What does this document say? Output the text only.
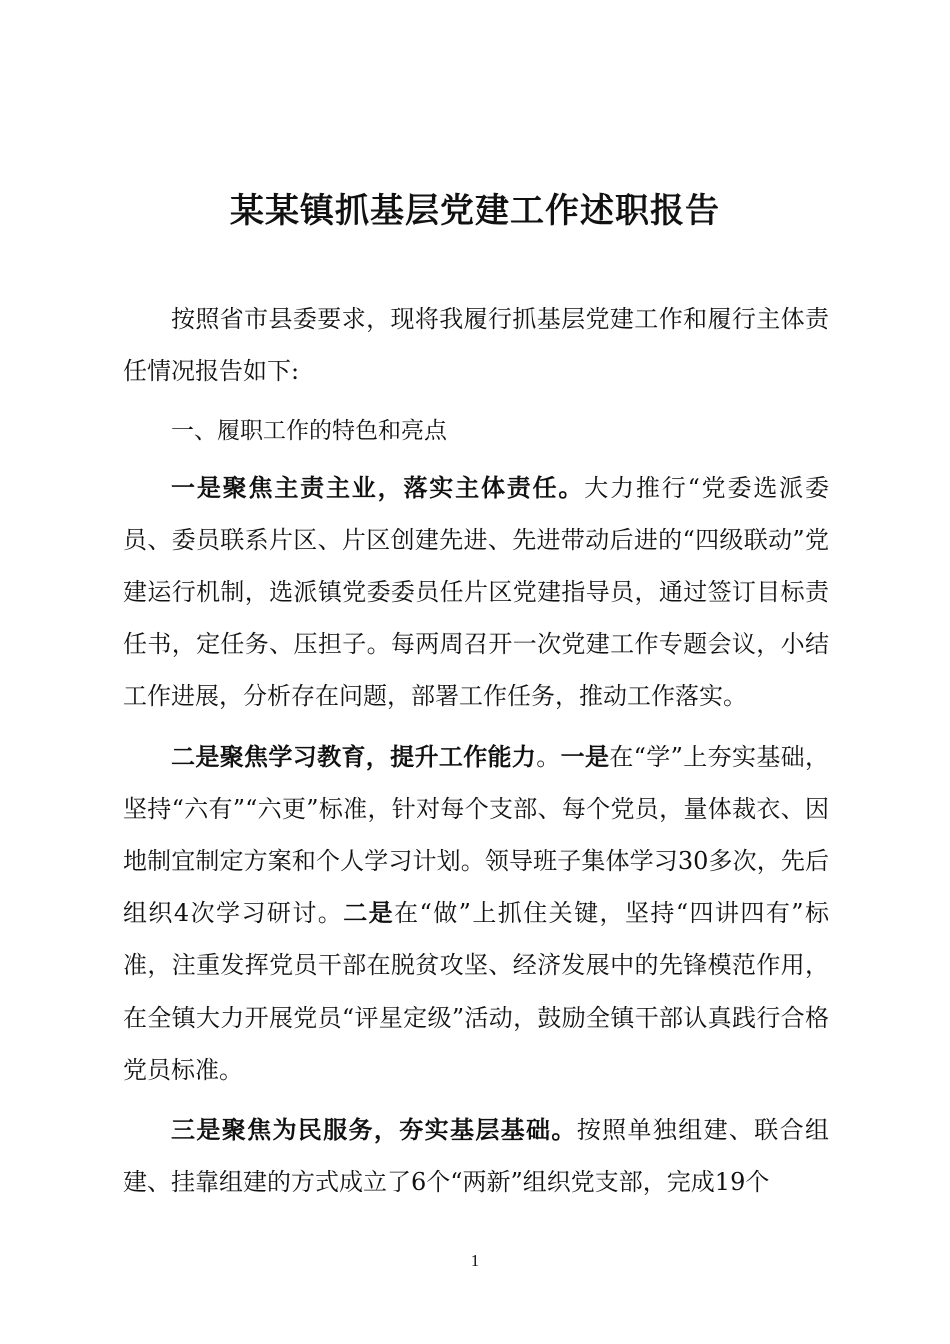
某某镇抓基层党建工作述职报告

按照省市县委要求，现将我履行抓基层党建工作和履行主体责任情况报告如下:

一、履职工作的特色和亮点

一是聚焦主责主业，落实主体责任。大力推行“党委选派委员、委员联系片区、片区创建先进、先进带动后进的“四级联动”党建运行机制，选派镇党委委员任片区党建指导员，通过签订目标责任书，定任务、压担子。每两周召开一次党建工作专题会议，小结工作进展，分析存在问题，部署工作任务，推动工作落实。

二是聚焦学习教育，提升工作能力。一是在“学”上夯实基础，坚持“六有”“六更”标准，针对每个支部、每个党员，量体裁衣、因地制宜制定方案和个人学习计划。领导班子集体学习30多次，先后组织4次学习研讨。二是在“做”上抓住关键，坚持“四讲四有”标准，注重发挥党员干部在脱贫攻坚、经济发展中的先锋模范作用，在全镇大力开展党员“评星定级”活动，鼓励全镇干部认真践行合格党员标准。

三是聚焦为民服务，夯实基层基础。按照单独组建、联合组建、挂靠组建的方式成立了6个“两新”组织党支部，完成19个

1
